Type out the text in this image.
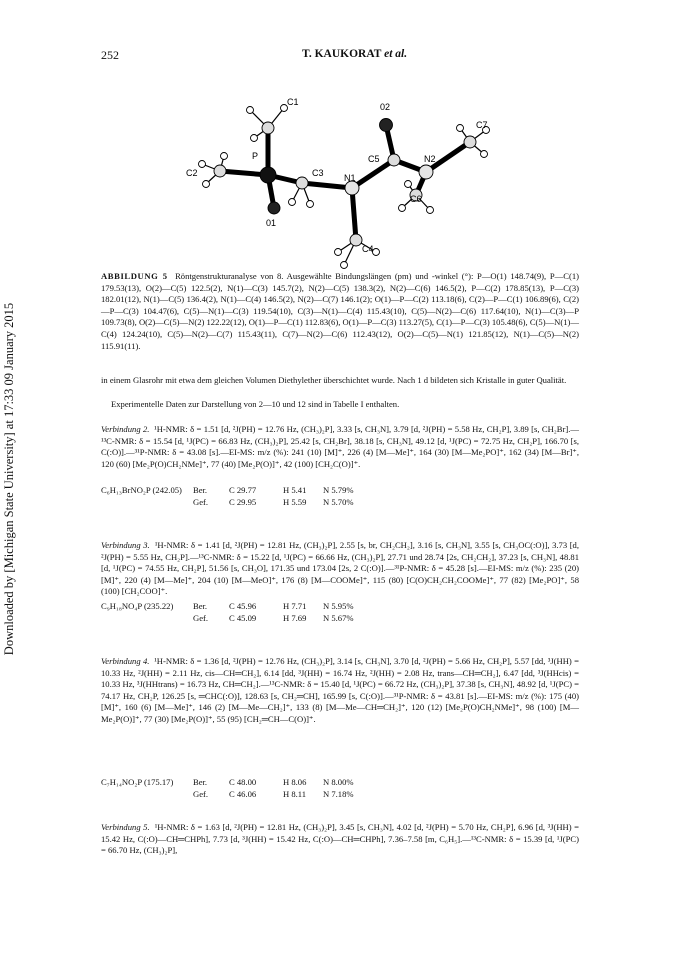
Downloaded by [Michigan State University] at 17:33 09 January 2015
252	T. KAUKORAT et al.
C1
P
C2
01
C3 N1
C4
02
C5	N2
C6
C7
ABBILDUNG 5 Röntgenstrukturanalyse von 8. Ausgewählte Bindungslängen (pm) und -winkel (°): P—O(1) 148.74(9), P—C(1) 179.53(13), O(2)—C(5) 122.5(2), N(1)—C(3) 145.7(2), N(2)—C(5) 138.3(2), N(2)—C(6) 146.5(2), P—C(2) 178.85(13), P—C(3) 182.01(12), N(1)—C(5) 136.4(2), N(1)—C(4) 146.5(2), N(2)—C(7) 146.1(2); O(1)—P—C(2) 113.18(6), C(2)—P—C(1) 106.89(6), C(2)—P—C(3) 104.47(6), C(5)—N(1)—C(3) 119.54(10), C(3)—N(1)—C(4) 115.43(10), C(5)—N(2)—C(6) 117.64(10), N(1)—C(3)—P 109.73(8), O(2)—C(5)—N(2) 122.22(12), O(1)—P—C(1) 112.83(6), O(1)—P—C(3) 113.27(5), C(1)—P—C(3) 105.48(6), C(5)—N(1)—C(4) 124.24(10), C(5)—N(2)—C(7) 115.43(11), C(7)—N(2)—C(6) 112.43(12), O(2)—C(5)—N(1) 121.85(12), N(1)—C(5)—N(2) 115.91(11).
in einem Glasrohr mit etwa dem gleichen Volumen Diethylether überschichtet wurde. Nach 1 d bildeten sich Kristalle in guter Qualität.
Experimentelle Daten zur Darstellung von 2—10 und 12 sind in Tabelle I enthalten.
Verbindung 2. ¹H-NMR: δ = 1.51 [d, ²J(PH) = 12.76 Hz, (CH₃)₂P], 3.33 [s, CH₃N], 3.79 [d, ²J(PH) = 5.58 Hz, CH₂P], 3.89 [s, CH₂Br].—¹³C-NMR: δ = 15.54 [d, ¹J(PC) = 66.83 Hz, (CH₃)₂P], 25.42 [s, CH₂Br], 38.18 [s, CH₃N], 49.12 [d, ¹J(PC) = 72.75 Hz, CH₂P], 166.70 [s, C(:O)].—³¹P-NMR: δ = 43.08 [s].—EI-MS: m/z (%): 241 (10) [M]⁺, 226 (4) [M—Me]⁺, 164 (30) [M—Me₂PO]⁺, 162 (34) [M—Br]⁺, 120 (60) [Me₂P(O)CH₂NMe]⁺, 77 (40) [Me₂P(O)]⁺, 42 (100) [CH₂C(O)]⁺.
C₆H₁₃BrNO₂P (242.05) Ber.	C 29.77	H 5.41 N 5.79%
Gef. C 29.95	H 5.59 N 5.70%
Verbindung 3. ¹H-NMR: δ = 1.41 [d, ²J(PH) = 12.81 Hz, (CH₃)₂P], 2.55 [s, br, CH₂CH₂], 3.16 [s, CH₃N], 3.55 [s, CH₃OC(:O)], 3.73 [d, ²J(PH) = 5.55 Hz, CH₂P].—¹³C-NMR: δ = 15.22 [d, ¹J(PC) = 66.66 Hz, (CH₃)₂P], 27.71 und 28.74 [2s, CH₂CH₂], 37.23 [s, CH₃N], 48.81 [d, ¹J(PC) = 74.55 Hz, CH₂P], 51.56 [s, CH₃O], 171.35 und 173.04 [2s, 2 C(:O)].—³¹P-NMR: δ = 45.28 [s].—EI-MS: m/z (%): 235 (20) [M]⁺, 220 (4) [M—Me]⁺, 204 (10) [M—MeO]⁺, 176 (8) [M—COOMe]⁺, 115 (80) [C(O)CH₂CH₂COOMe]⁺, 77 (82) [Me₂PO]⁺, 58 (100) [CH₂COO]⁺.
C₉H₁₈NO₄P (235.22) Ber.	C 45.96	H 7.71 N 5.95%
Gef. C 45.09	H 7.69 N 5.67%
Verbindung 4. ¹H-NMR: δ = 1.36 [d, ²J(PH) = 12.76 Hz, (CH₃)₂P], 3.14 [s, CH₃N], 3.70 [d, ²J(PH) = 5.66 Hz, CH₂P], 5.57 [dd, ³J(HH) = 10.33 Hz, ²J(HH) = 2.11 Hz, cis—CH═CH₂], 6.14 [dd, ³J(HH) = 16.74 Hz, ²J(HH) = 2.08 Hz, trans—CH═CH₂], 6.47 [dd, ³J(HHcis) = 10.33 Hz, ³J(HHtrans) = 16.73 Hz, CH═CH₂].—¹³C-NMR: δ = 15.40 [d, ¹J(PC) = 66.72 Hz, (CH₃)₂P], 37.38 [s, CH₃N], 48.92 [d, ¹J(PC) = 74.17 Hz, CH₂P, 126.25 [s, ═CHC(:O)], 128.63 [s, CH₂═CH], 165.99 [s, C(:O)].—³¹P-NMR: δ = 43.81 [s].—EI-MS: m/z (%): 175 (40) [M]⁺, 160 (6) [M—Me]⁺, 146 (2) [M—Me—CH₂]⁺, 133 (8) [M—Me—CH═CH₂]⁺, 120 (12) [Me₂P(O)CH₂NMe]⁺, 98 (100) [M—Me₂P(O)]⁺, 77 (30) [Me₂P(O)]⁺, 55 (95) [CH₂═CH—C(O)]⁺.
C₇H₁₄NO₂P (175.17) Ber.	C 48.00	H 8.06 N 8.00%
Gef. C 46.06	H 8.11 N 7.18%
Verbindung 5. ¹H-NMR: δ = 1.63 [d, ²J(PH) = 12.81 Hz, (CH₃)₂P], 3.45 [s, CH₃N], 4.02 [d, ²J(PH) = 5.70 Hz, CH₂P], 6.96 [d, ³J(HH) = 15.42 Hz, C(:O)—CH═CHPh], 7.73 [d, ³J(HH) = 15.42 Hz, C(:O)—CH═CHPh], 7.36–7.58 [m, C₆H₅].—¹³C-NMR: δ = 15.39 [d, ¹J(PC) = 66.70 Hz, (CH₃)₂P],
